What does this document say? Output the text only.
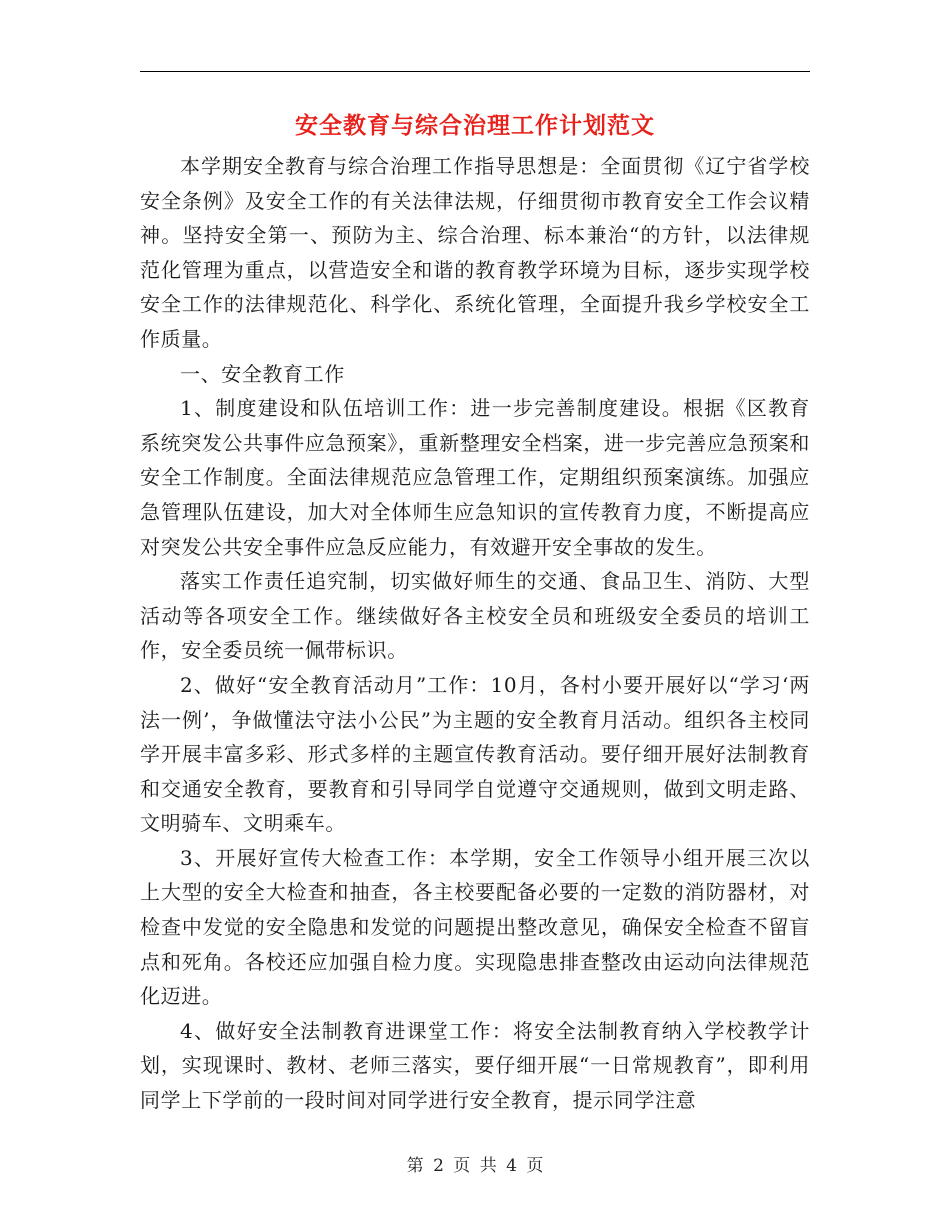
安全教育与综合治理工作计划范文

本学期安全教育与综合治理工作指导思想是：全面贯彻《辽宁省学校安全条例》及安全工作的有关法律法规，仔细贯彻市教育安全工作会议精神。坚持安全第一、预防为主、综合治理、标本兼治“的方针，以法律规范化管理为重点，以营造安全和谐的教育教学环境为目标，逐步实现学校安全工作的法律规范化、科学化、系统化管理，全面提升我乡学校安全工作质量。

一、安全教育工作

1、制度建设和队伍培训工作：进一步完善制度建设。根据《区教育系统突发公共事件应急预案》，重新整理安全档案，进一步完善应急预案和安全工作制度。全面法律规范应急管理工作，定期组织预案演练。加强应急管理队伍建设，加大对全体师生应急知识的宣传教育力度，不断提高应对突发公共安全事件应急反应能力，有效避开安全事故的发生。

落实工作责任追究制，切实做好师生的交通、食品卫生、消防、大型活动等各项安全工作。继续做好各主校安全员和班级安全委员的培训工作，安全委员统一佩带标识。

2、做好“安全教育活动月”工作：10月，各村小要开展好以“学习‘两法一例’，争做懂法守法小公民”为主题的安全教育月活动。组织各主校同学开展丰富多彩、形式多样的主题宣传教育活动。要仔细开展好法制教育和交通安全教育，要教育和引导同学自觉遵守交通规则，做到文明走路、文明骑车、文明乘车。

3、开展好宣传大检查工作：本学期，安全工作领导小组开展三次以上大型的安全大检查和抽查，各主校要配备必要的一定数的消防器材，对检查中发觉的安全隐患和发觉的问题提出整改意见，确保安全检查不留盲点和死角。各校还应加强自检力度。实现隐患排查整改由运动向法律规范化迈进。

4、做好安全法制教育进课堂工作：将安全法制教育纳入学校教学计划，实现课时、教材、老师三落实，要仔细开展“一日常规教育”，即利用同学上下学前的一段时间对同学进行安全教育，提示同学注意

第 2 页 共 4 页
